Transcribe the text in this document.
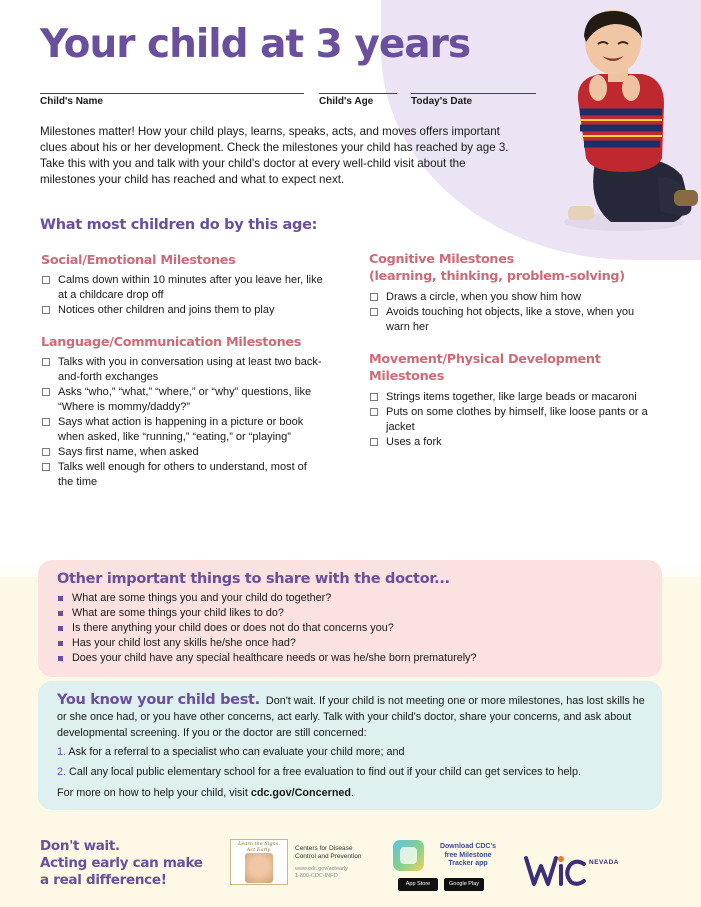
Your child at 3 years
Child's Name	Child's Age	Today's Date

Milestones matter! How your child plays, learns, speaks, acts, and moves offers important clues about his or her development. Check the milestones your child has reached by age 3. Take this with you and talk with your child's doctor at every well-child visit about the milestones your child has reached and what to expect next.

What most children do by this age:
Social/Emotional Milestones
Calms down within 10 minutes after you leave her, like at a childcare drop off
Notices other children and joins them to play
Language/Communication Milestones
Talks with you in conversation using at least two back-and-forth exchanges
Asks “who,” “what,” “where,” or “why” questions, like “Where is mommy/daddy?”
Says what action is happening in a picture or book when asked, like “running,” “eating,” or “playing”
Says first name, when asked
Talks well enough for others to understand, most of the time
Cognitive Milestones
(learning, thinking, problem-solving)
Draws a circle, when you show him how
Avoids touching hot objects, like a stove, when you warn her
Movement/Physical Development
Milestones
Strings items together, like large beads or macaroni
Puts on some clothes by himself, like loose pants or a jacket
Uses a fork
Other important things to share with the doctor...
What are some things you and your child do together?
What are some things your child likes to do?
Is there anything your child does or does not do that concerns you?
Has your child lost any skills he/she once had?
Does your child have any special healthcare needs or was he/she born prematurely?

You know your child best. Don't wait. If your child is not meeting one or more milestones, has lost skills he or she once had, or you have other concerns, act early. Talk with your child's doctor, share your concerns, and ask about developmental screening. If you or the doctor are still concerned:

1. Ask for a referral to a specialist who can evaluate your child more; and
2. Call any local public elementary school for a free evaluation to find out if your child can get services to help.
For more on how to help your child, visit cdc.gov/Concerned.
Don't wait.
Acting early can make
a real difference!
Learn the Signs.
Act Early.	Centers for Disease
Control and Prevention
www.cdc.gov/actearly
1-800-CDC-INFO
Download CDC's
free Milestone
Tracker app
App Store	Google Play
NEVADA
